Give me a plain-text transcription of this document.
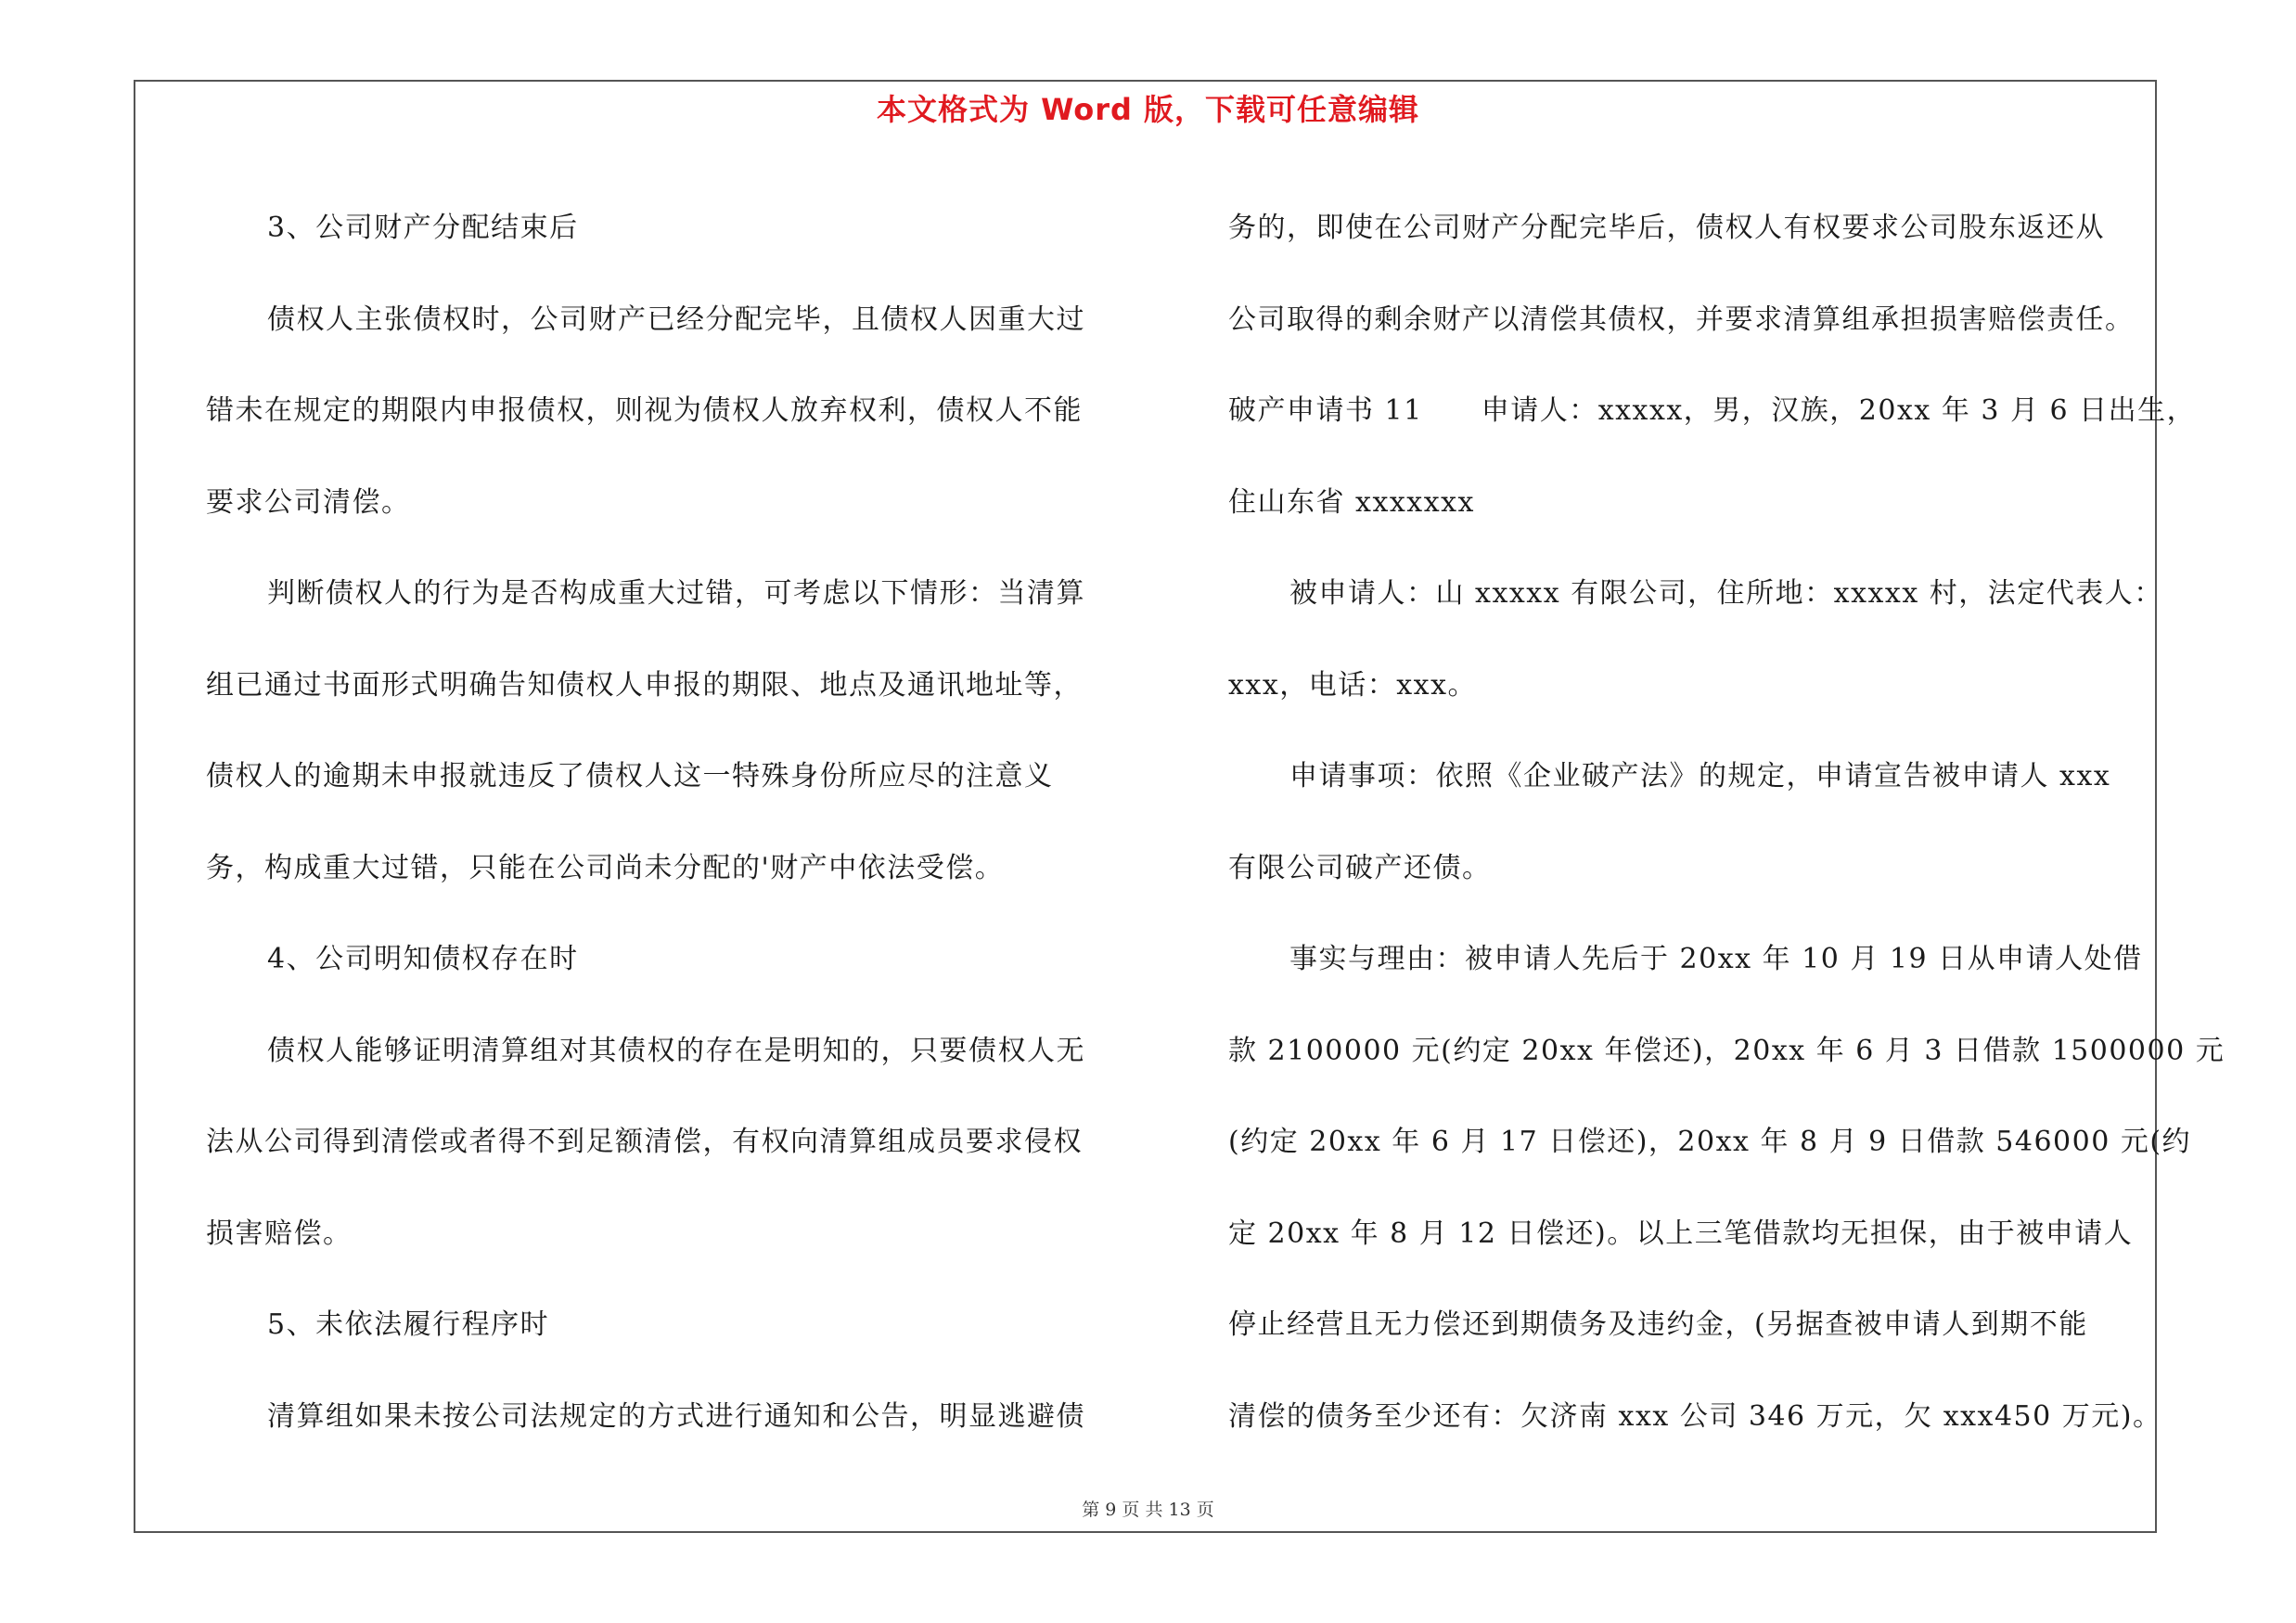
本文格式为 Word 版，下载可任意编辑

3、公司财产分配结束后

债权人主张债权时，公司财产已经分配完毕，且债权人因重大过

错未在规定的期限内申报债权，则视为债权人放弃权利，债权人不能

要求公司清偿。

判断债权人的行为是否构成重大过错，可考虑以下情形：当清算

组已通过书面形式明确告知债权人申报的期限、地点及通讯地址等，

债权人的逾期未申报就违反了债权人这一特殊身份所应尽的注意义

务，构成重大过错，只能在公司尚未分配的'财产中依法受偿。

4、公司明知债权存在时

债权人能够证明清算组对其债权的存在是明知的，只要债权人无

法从公司得到清偿或者得不到足额清偿，有权向清算组成员要求侵权

损害赔偿。

5、未依法履行程序时

清算组如果未按公司法规定的方式进行通知和公告，明显逃避债

务的，即使在公司财产分配完毕后，债权人有权要求公司股东返还从

公司取得的剩余财产以清偿其债权，并要求清算组承担损害赔偿责任。

破产申请书 11　　申请人：xxxxx，男，汉族，20xx 年 3 月 6 日出生，

住山东省 xxxxxxx

被申请人：山 xxxxx 有限公司，住所地：xxxxx 村，法定代表人：

xxx，电话：xxx。

申请事项：依照《企业破产法》的规定，申请宣告被申请人 xxx

有限公司破产还债。

事实与理由：被申请人先后于 20xx 年 10 月 19 日从申请人处借

款 2100000 元(约定 20xx 年偿还)，20xx 年 6 月 3 日借款 1500000 元

(约定 20xx 年 6 月 17 日偿还)，20xx 年 8 月 9 日借款 546000 元(约

定 20xx 年 8 月 12 日偿还)。以上三笔借款均无担保，由于被申请人

停止经营且无力偿还到期债务及违约金，(另据查被申请人到期不能

清偿的债务至少还有：欠济南 xxx 公司 346 万元，欠 xxx450 万元)。

第 9 页 共 13 页
